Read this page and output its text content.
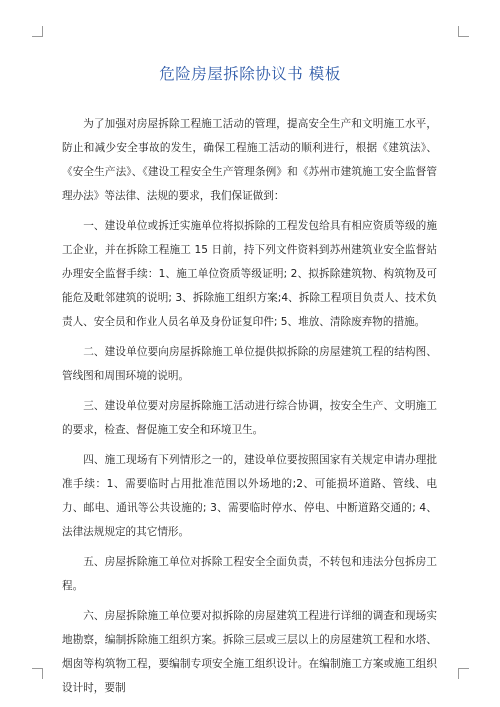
危险房屋拆除协议书 模板

为了加强对房屋拆除工程施工活动的管理，提高安全生产和文明施工水平，防止和减少安全事故的发生，确保工程施工活动的顺利进行，根据《建筑法》、《安全生产法》、《建设工程安全生产管理条例》和《苏州市建筑施工安全监督管理办法》等法律、法规的要求，我们保证做到：

一、建设单位或拆迁实施单位将拟拆除的工程发包给具有相应资质等级的施工企业，并在拆除工程施工 15 日前，持下列文件资料到苏州建筑业安全监督站办理安全监督手续：1、施工单位资质等级证明; 2、拟拆除建筑物、构筑物及可能危及毗邻建筑的说明; 3、拆除施工组织方案;4、拆除工程项目负责人、技术负责人、安全员和作业人员名单及身份证复印件; 5、堆放、清除废弃物的措施。

二、建设单位要向房屋拆除施工单位提供拟拆除的房屋建筑工程的结构图、管线图和周围环境的说明。

三、建设单位要对房屋拆除施工活动进行综合协调，按安全生产、文明施工的要求，检查、督促施工安全和环境卫生。

四、施工现场有下列情形之一的，建设单位要按照国家有关规定申请办理批准手续：1、需要临时占用批准范围以外场地的;2、可能损坏道路、管线、电力、邮电、通讯等公共设施的; 3、需要临时停水、停电、中断道路交通的; 4、法律法规规定的其它情形。

五、房屋拆除施工单位对拆除工程安全全面负责，不转包和违法分包拆房工程。

六、房屋拆除施工单位要对拟拆除的房屋建筑工程进行详细的调查和现场实地勘察，编制拆除施工组织方案。拆除三层或三层以上的房屋建筑工程和水塔、烟囱等构筑物工程，要编制专项安全施工组织设计。在编制施工方案或施工组织设计时，要制
